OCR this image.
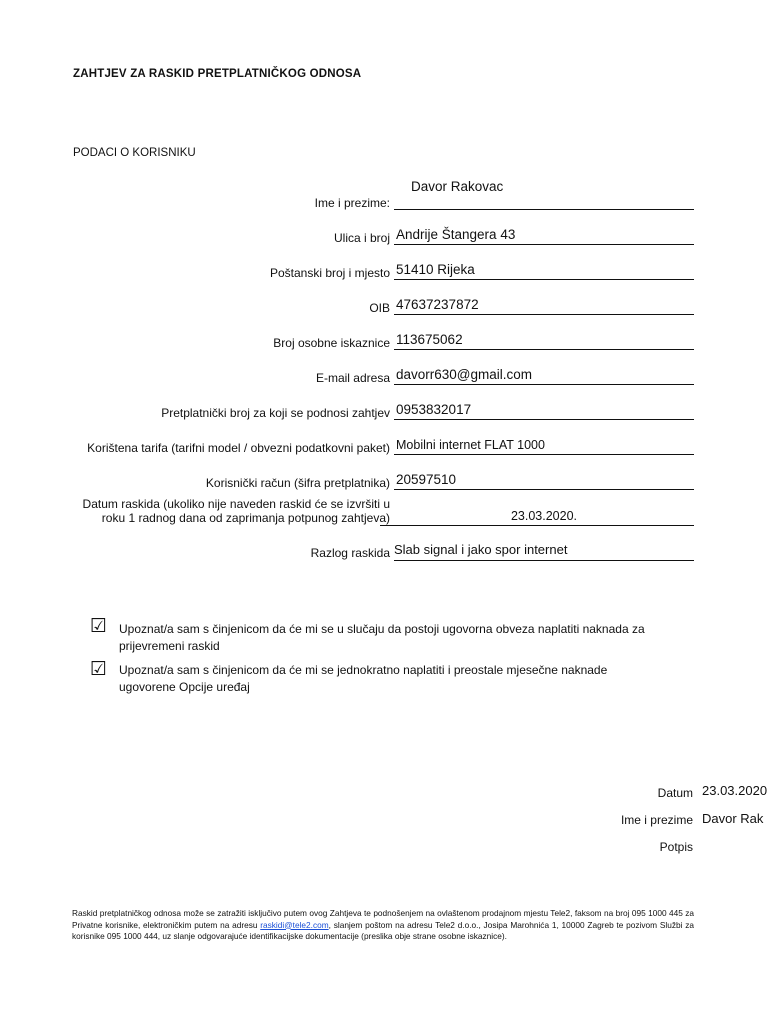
ZAHTJEV ZA RASKID PRETPLATNIČKOG ODNOSA
PODACI O KORISNIKU
Ime i prezime:
Davor Rakovac
Ulica i broj Andrije Štangera 43
Poštanski broj i mjesto 51410 Rijeka
OIB 47637237872
Broj osobne iskaznice 113675062
E-mail adresa davorr630@gmail.com
Pretplatnički broj za koji se podnosi zahtjev 0953832017
Korištena tarifa (tarifni model / obvezni podatkovni paket) Mobilni internet FLAT 1000
Korisnički račun (šifra pretplatnika) 20597510
Datum raskida (ukoliko nije naveden raskid će se izvršiti u
roku 1 radnog dana od zaprimanja potpunog zahtjeva)	23.03.2020.
Razlog raskida Slab signal i jako spor internet
☑ Upoznat/a sam s činjenicom da će mi se u slučaju da postoji ugovorna obveza naplatiti naknada za
prijevremeni raskid
☑ Upoznat/a sam s činjenicom da će mi se jednokratno naplatiti i preostale mjesečne naknade
ugovorene Opcije uređaj
Datum 23.03.2020
Ime i prezime Davor Rak
Potpis
Raskid pretplatničkog odnosa može se zatražiti isključivo putem ovog Zahtjeva te podnošenjem na ovlaštenom prodajnom mjestu Tele2, faksom na broj 095 1000 445 za Privatne korisnike, elektroničkim putem na adresu raskidi@tele2.com, slanjem poštom na adresu Tele2 d.o.o., Josipa Marohnića 1, 10000 Zagreb te pozivom Službi za korisnike 095 1000 444, uz slanje odgovarajuće identifikacijske dokumentacije (preslika obje strane osobne iskaznice).
